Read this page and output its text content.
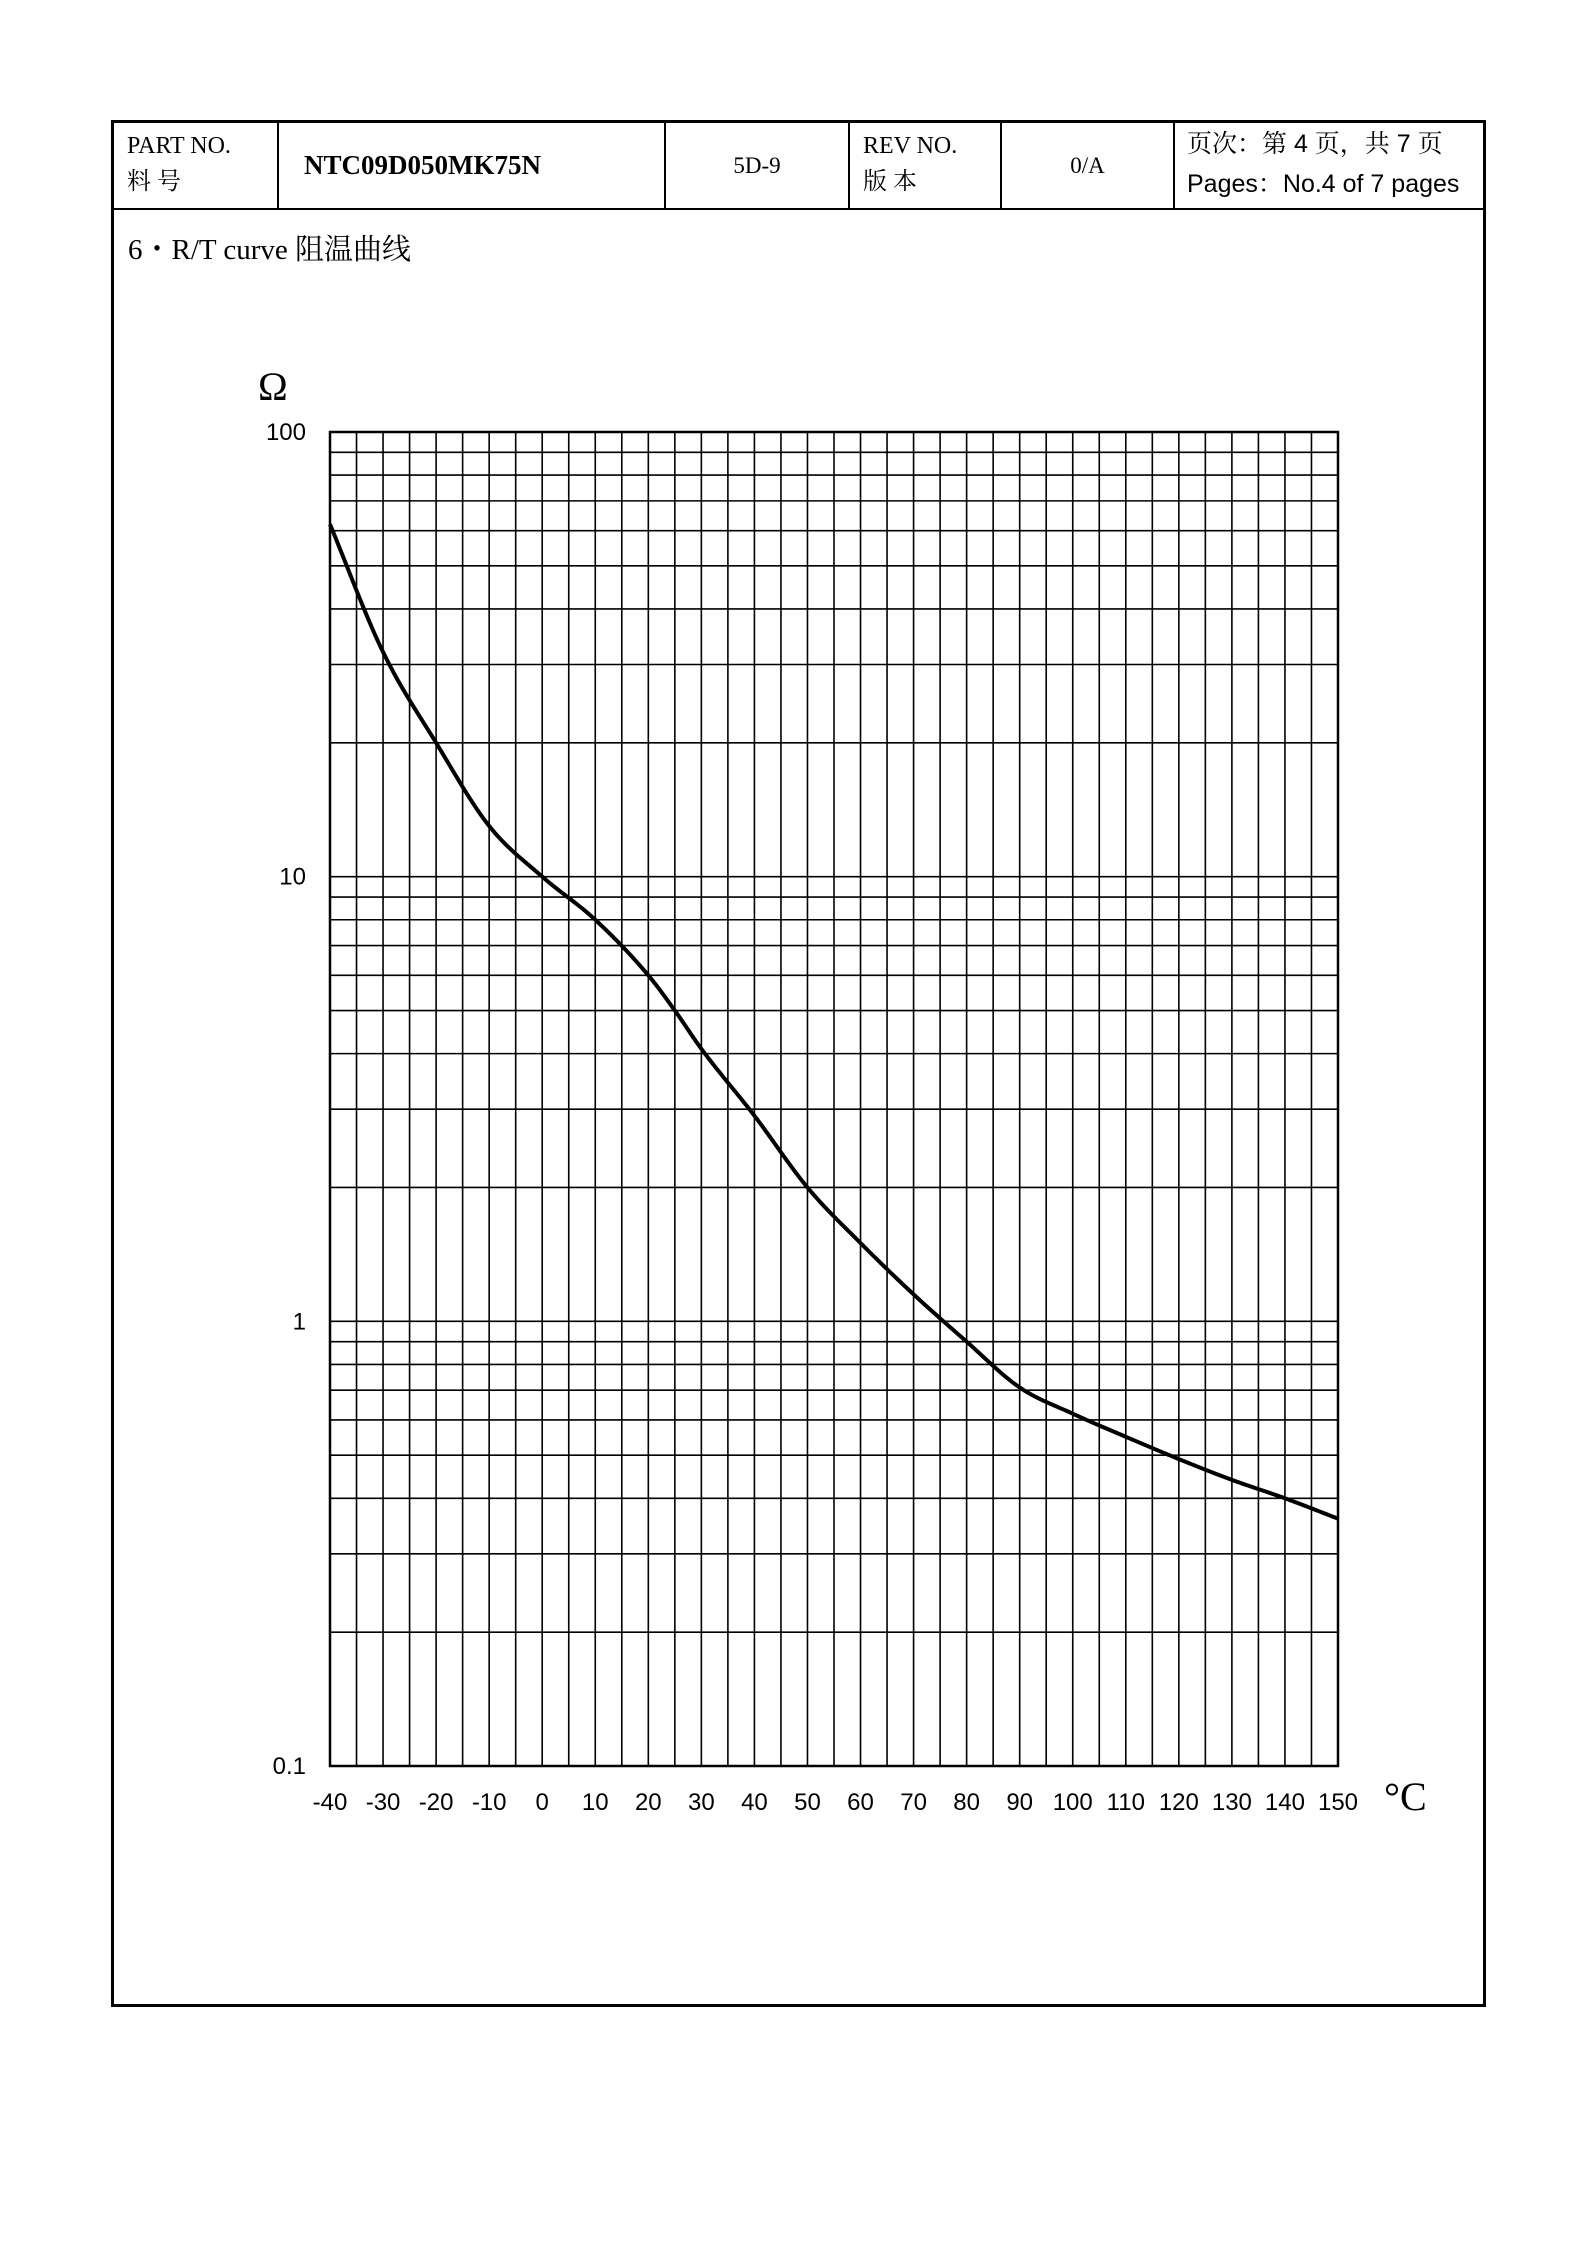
PART NO.
料 号
NTC09D050MK75N	5D-9
REV NO.
版 本
0/A
页次：第 4 页，共 7 页
Pages：No.4 of 7 pages
6・R/T curve 阻温曲线
0.1
1
10
100
-40 -30 -20 -10 0 10 20 30 40 50 60 70 80 90 100 110 120 130 140 150
Ω
°C
